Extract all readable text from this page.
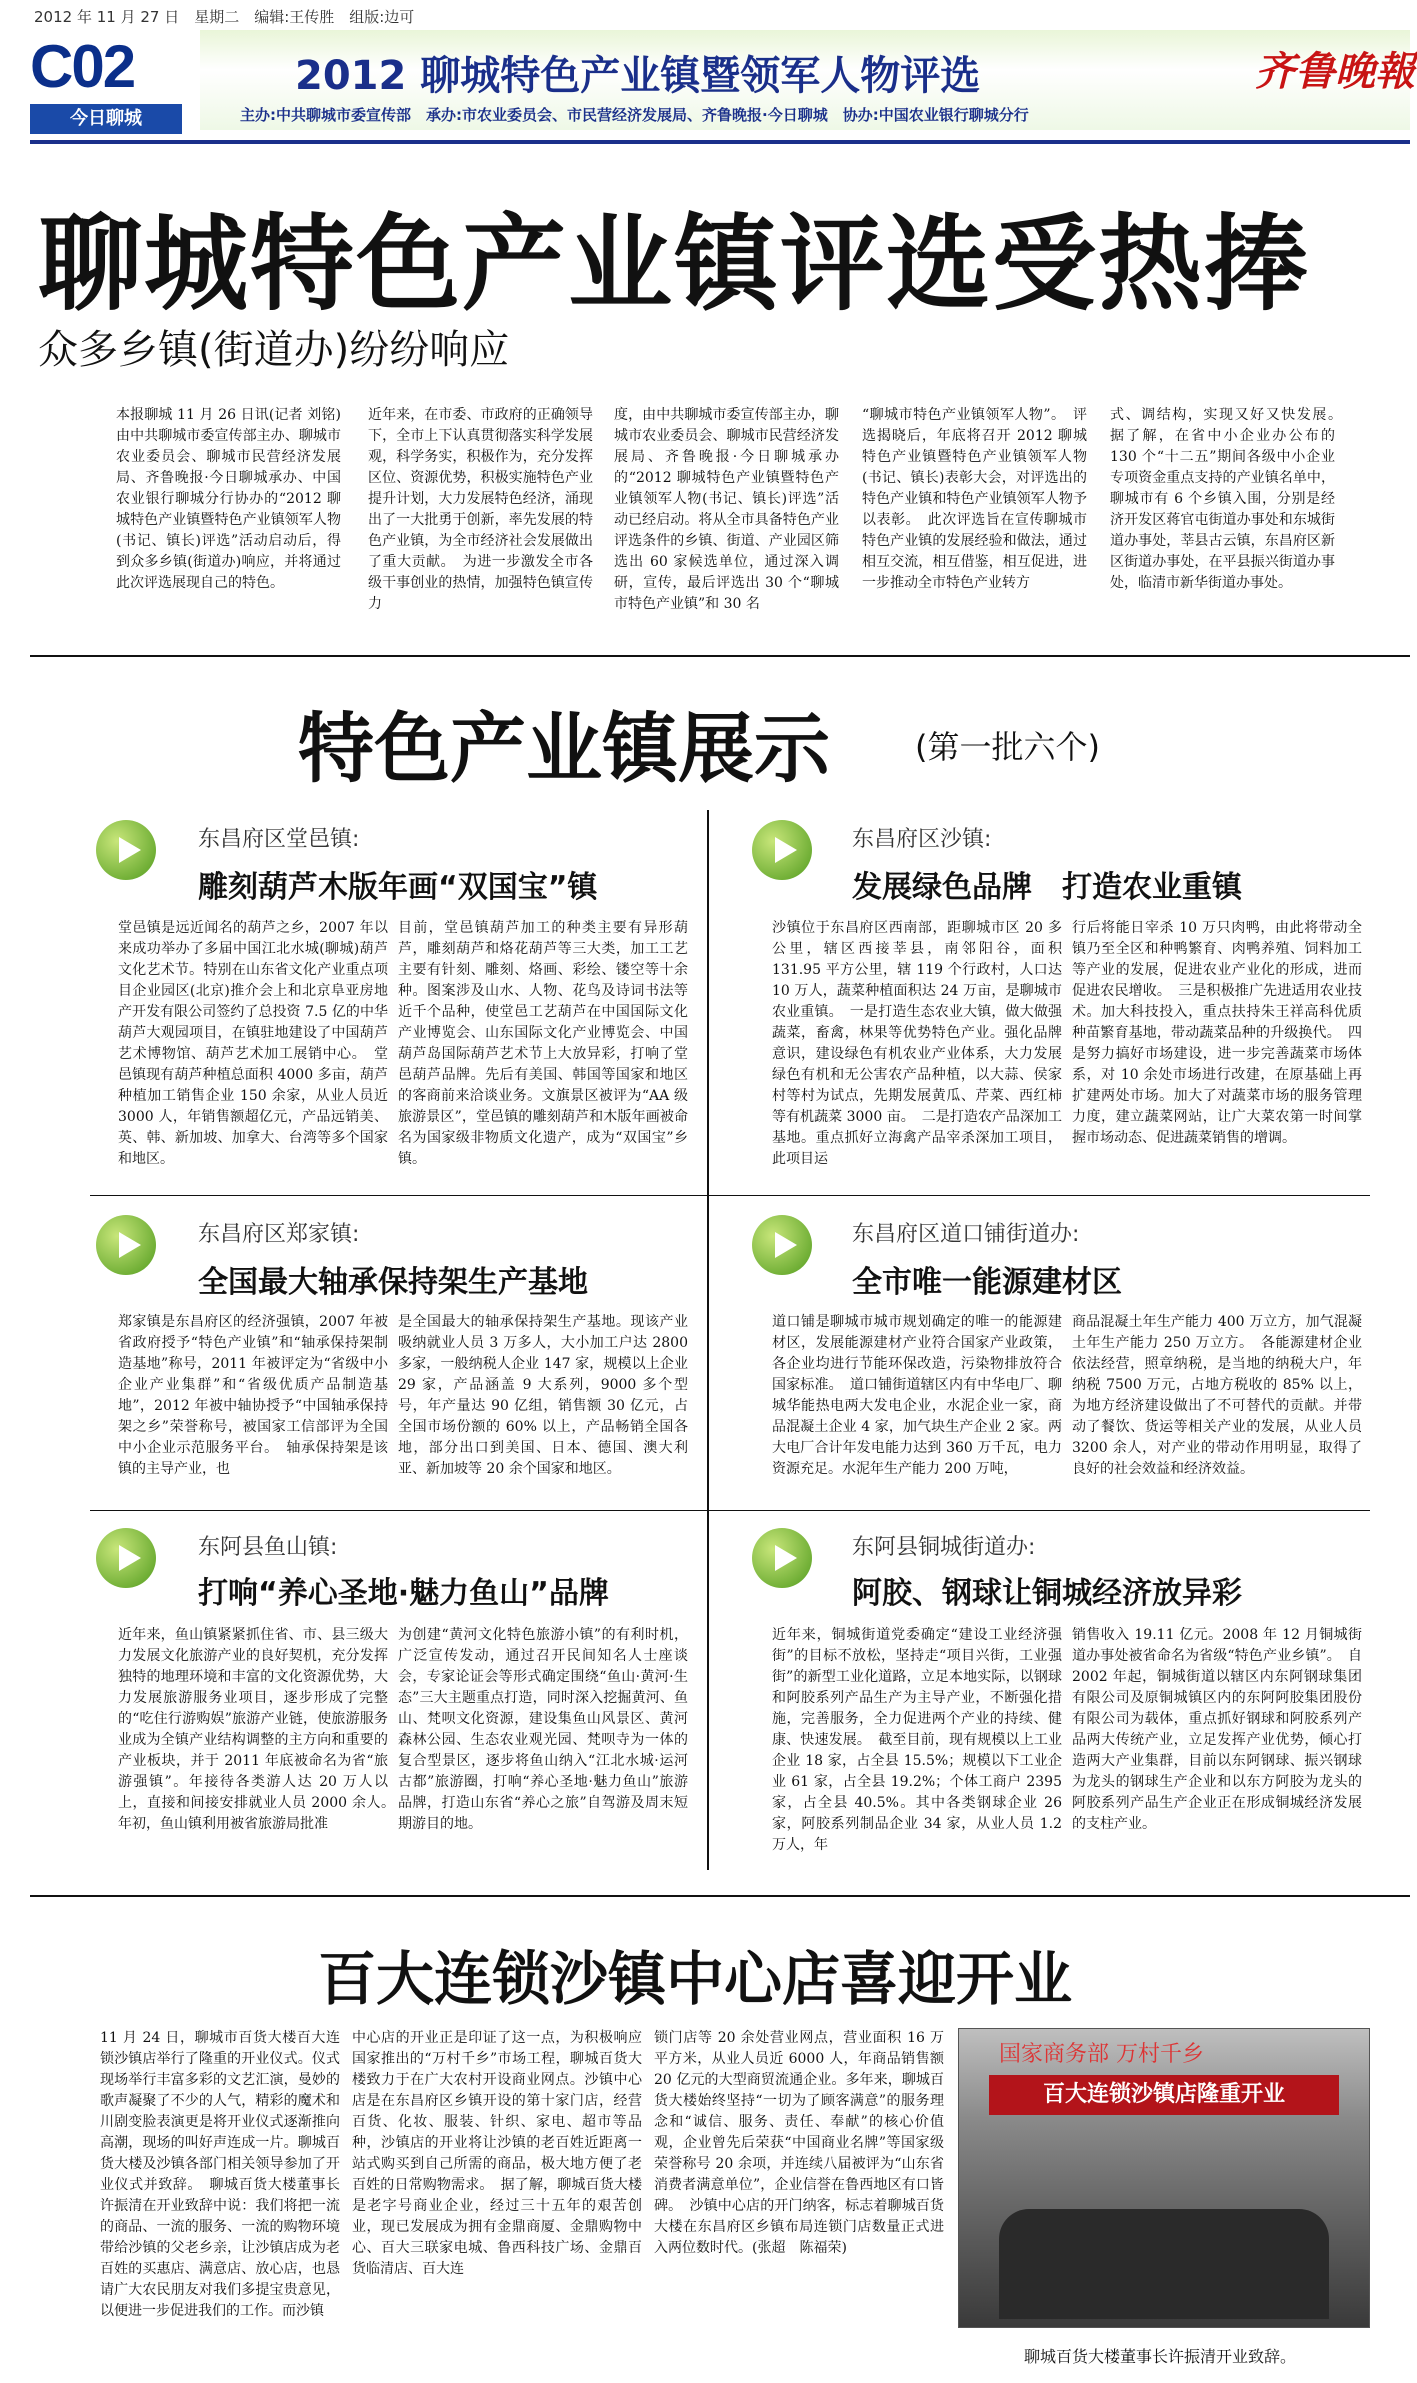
2012 年 11 月 27 日　星期二　编辑:王传胜　组版:边可
C02
今日聊城
2012 聊城特色产业镇暨领军人物评选	齐鲁晚報
主办:中共聊城市委宣传部　承办:市农业委员会、市民营经济发展局、齐鲁晚报·今日聊城　协办:中国农业银行聊城分行
聊城特色产业镇评选受热捧
众多乡镇(街道办)纷纷响应
本报聊城 11 月 26 日讯(记者 刘铭)　由中共聊城市委宣传部主办、聊城市农业委员会、聊城市民营经济发展局、齐鲁晚报·今日聊城承办、中国农业银行聊城分行协办的“2012 聊城特色产业镇暨特色产业镇领军人物(书记、镇长)评选”活动启动后，得到众多乡镇(街道办)响应，并将通过此次评选展现自己的特色。
近年来，在市委、市政府的正确领导下，全市上下认真贯彻落实科学发展观，科学务实，积极作为，充分发挥区位、资源优势，积极实施特色产业提升计划，大力发展特色经济，涌现出了一大批勇于创新，率先发展的特色产业镇，为全市经济社会发展做出了重大贡献。　为进一步激发全市各级干事创业的热情，加强特色镇宣传力
度，由中共聊城市委宣传部主办，聊城市农业委员会、聊城市民营经济发展局、齐鲁晚报·今日聊城承办的“2012 聊城特色产业镇暨特色产业镇领军人物(书记、镇长)评选”活动已经启动。将从全市具备特色产业评选条件的乡镇、街道、产业园区筛选出 60 家候选单位，通过深入调研，宣传，最后评选出 30 个“聊城市特色产业镇”和 30 名
“聊城市特色产业镇领军人物”。　评选揭晓后，年底将召开 2012 聊城特色产业镇暨特色产业镇领军人物(书记、镇长)表彰大会，对评选出的特色产业镇和特色产业镇领军人物予以表彰。　此次评选旨在宣传聊城市特色产业镇的发展经验和做法，通过相互交流，相互借鉴，相互促进，进一步推动全市特色产业转方
式、调结构，实现又好又快发展。　据了解，在省中小企业办公布的 130 个“十二五”期间各级中小企业专项资金重点支持的产业镇名单中，聊城市有 6 个乡镇入围，分别是经济开发区蒋官屯街道办事处和东城街道办事处，莘县古云镇，东昌府区新区街道办事处，在平县振兴街道办事处，临清市新华街道办事处。
特色产业镇展示	(第一批六个)
东昌府区堂邑镇:
雕刻葫芦木版年画“双国宝”镇
堂邑镇是远近闻名的葫芦之乡，2007 年以来成功举办了多届中国江北水城(聊城)葫芦文化艺术节。特别在山东省文化产业重点项目企业园区(北京)推介会上和北京阜亚房地产开发有限公司签约了总投资 7.5 亿的中华葫芦大观园项目，在镇驻地建设了中国葫芦艺术博物馆、葫芦艺术加工展销中心。　堂邑镇现有葫芦种植总面积 4000 多亩，葫芦种植加工销售企业 150 余家，从业人员近 3000 人，年销售额超亿元，产品远销美、英、韩、新加坡、加拿大、台湾等多个国家和地区。
目前，堂邑镇葫芦加工的种类主要有异形葫芦，雕刻葫芦和烙花葫芦等三大类，加工工艺主要有针刻、雕刻、烙画、彩绘、镂空等十余种。图案涉及山水、人物、花鸟及诗词书法等近千个品种，使堂邑工艺葫芦在中国国际文化产业博览会、山东国际文化产业博览会、中国葫芦岛国际葫芦艺术节上大放异彩，打响了堂邑葫芦品牌。先后有美国、韩国等国家和地区的客商前来洽谈业务。文旗景区被评为“AA 级旅游景区”，堂邑镇的雕刻葫芦和木版年画被命名为国家级非物质文化遗产，成为“双国宝”乡镇。
东昌府区沙镇:
发展绿色品牌　打造农业重镇
沙镇位于东昌府区西南部，距聊城市区 20 多公里，辖区西接莘县，南邻阳谷，面积 131.95 平方公里，辖 119 个行政村，人口达 10 万人，蔬菜种植面积达 24 万亩，是聊城市农业重镇。　一是打造生态农业大镇，做大做强蔬菜，畜禽，林果等优势特色产业。强化品牌意识，建设绿色有机农业产业体系，大力发展绿色有机和无公害农产品种植，以大蒜、侯家村等村为试点，先期发展黄瓜、芹菜、西红柿等有机蔬菜 3000 亩。　二是打造农产品深加工基地。重点抓好立海禽产品宰杀深加工项目，此项目运
行后将能日宰杀 10 万只肉鸭，由此将带动全镇乃至全区和种鸭繁育、肉鸭养殖、饲料加工等产业的发展，促进农业产业化的形成，进而促进农民增收。　三是积极推广先进适用农业技术。加大科技投入，重点扶持朱王祥高科优质种苗繁育基地，带动蔬菜品种的升级换代。　四是努力搞好市场建设，进一步完善蔬菜市场体系，对 10 余处市场进行改建，在原基础上再扩建两处市场。加大了对蔬菜市场的服务管理力度，建立蔬菜网站，让广大菜农第一时间掌握市场动态、促进蔬菜销售的增调。
东昌府区郑家镇:
全国最大轴承保持架生产基地
郑家镇是东昌府区的经济强镇，2007 年被省政府授予“特色产业镇”和“轴承保持架制造基地”称号，2011 年被评定为“省级中小企业产业集群”和“省级优质产品制造基地”，2012 年被中轴协授予“中国轴承保持架之乡”荣誉称号，被国家工信部评为全国中小企业示范服务平台。　轴承保持架是该镇的主导产业，也
是全国最大的轴承保持架生产基地。现该产业吸纳就业人员 3 万多人，大小加工户达 2800 多家，一般纳税人企业 147 家，规模以上企业 29 家，产品涵盖 9 大系列，9000 多个型号，年产量达 90 亿组，销售额 30 亿元，占全国市场份额的 60% 以上，产品畅销全国各地，部分出口到美国、日本、德国、澳大利亚、新加坡等 20 余个国家和地区。
东昌府区道口铺街道办:
全市唯一能源建材区
道口铺是聊城市城市规划确定的唯一的能源建材区，发展能源建材产业符合国家产业政策，各企业均进行节能环保改造，污染物排放符合国家标准。　道口铺街道辖区内有中华电厂、聊城华能热电两大发电企业，水泥企业一家，商品混凝土企业 4 家，加气块生产企业 2 家。两大电厂合计年发电能力达到 360 万千瓦，电力资源充足。水泥年生产能力 200 万吨，
商品混凝土年生产能力 400 万立方，加气混凝土年生产能力 250 万立方。　各能源建材企业依法经营，照章纳税，是当地的纳税大户，年纳税 7500 万元，占地方税收的 85% 以上，为地方经济建设做出了不可替代的贡献。并带动了餐饮、货运等相关产业的发展，从业人员 3200 余人，对产业的带动作用明显，取得了良好的社会效益和经济效益。
东阿县鱼山镇:
打响“养心圣地·魅力鱼山”品牌
近年来，鱼山镇紧紧抓住省、市、县三级大力发展文化旅游产业的良好契机，充分发挥独特的地理环境和丰富的文化资源优势，大力发展旅游服务业项目，逐步形成了完整的“吃住行游购娱”旅游产业链，使旅游服务业成为全镇产业结构调整的主方向和重要的产业板块，并于 2011 年底被命名为省“旅游强镇”。年接待各类游人达 20 万人以上，直接和间接安排就业人员 2000 余人。　年初，鱼山镇利用被省旅游局批准
为创建“黄河文化特色旅游小镇”的有利时机，广泛宣传发动，通过召开民间知名人士座谈会，专家论证会等形式确定围绕“鱼山·黄河·生态”三大主题重点打造，同时深入挖掘黄河、鱼山、梵呗文化资源，建设集鱼山风景区、黄河森林公园、生态农业观光园、梵呗寺为一体的复合型景区，逐步将鱼山纳入“江北水城·运河古都”旅游圈，打响“养心圣地·魅力鱼山”旅游品牌，打造山东省“养心之旅”自驾游及周末短期游目的地。
东阿县铜城街道办:
阿胶、钢球让铜城经济放异彩
近年来，铜城街道党委确定“建设工业经济强街”的目标不放松，坚持走“项目兴街，工业强街”的新型工业化道路，立足本地实际，以钢球和阿胶系列产品生产为主导产业，不断强化措施，完善服务，全力促进两个产业的持续、健康、快速发展。　截至目前，现有规模以上工业企业 18 家，占全县 15.5%；规模以下工业企业 61 家，占全县 19.2%；个体工商户 2395 家，占全县 40.5%。其中各类钢球企业 26 家，阿胶系列制品企业 34 家，从业人员 1.2 万人，年
销售收入 19.11 亿元。2008 年 12 月铜城街道办事处被省命名为省级“特色产业乡镇”。　自 2002 年起，铜城街道以辖区内东阿钢球集团有限公司及原铜城镇区内的东阿阿胶集团股份有限公司为载体，重点抓好钢球和阿胶系列产品两大传统产业，立足发挥产业优势，倾心打造两大产业集群，目前以东阿钢球、振兴钢球为龙头的钢球生产企业和以东方阿胶为龙头的阿胶系列产品生产企业正在形成铜城经济发展的支柱产业。
百大连锁沙镇中心店喜迎开业
11 月 24 日，聊城市百货大楼百大连锁沙镇店举行了隆重的开业仪式。仪式现场举行丰富多彩的文艺汇演，曼妙的歌声凝聚了不少的人气，精彩的魔术和川剧变脸表演更是将开业仪式逐渐推向高潮，现场的叫好声连成一片。聊城百货大楼及沙镇各部门相关领导参加了开业仪式并致辞。　聊城百货大楼董事长许振清在开业致辞中说：我们将把一流的商品、一流的服务、一流的购物环境带给沙镇的父老乡亲，让沙镇店成为老百姓的买惠店、满意店、放心店，也恳请广大农民朋友对我们多提宝贵意见，以便进一步促进我们的工作。而沙镇
中心店的开业正是印证了这一点，为积极响应国家推出的“万村千乡”市场工程，聊城百货大楼致力于在广大农村开设商业网点。沙镇中心店是在东昌府区乡镇开设的第十家门店，经营百货、化妆、服装、针织、家电、超市等品种，沙镇店的开业将让沙镇的老百姓近距离一站式购买到自己所需的商品，极大地方便了老百姓的日常购物需求。　据了解，聊城百货大楼是老字号商业企业，经过三十五年的艰苦创业，现已发展成为拥有金鼎商厦、金鼎购物中心、百大三联家电城、鲁西科技广场、金鼎百货临清店、百大连
锁门店等 20 余处营业网点，营业面积 16 万平方米，从业人员近 6000 人，年商品销售额 20 亿元的大型商贸流通企业。多年来，聊城百货大楼始终坚持“一切为了顾客满意”的服务理念和“诚信、服务、责任、奉献”的核心价值观，企业曾先后荣获“中国商业名牌”等国家级荣誉称号 20 余项，并连续八届被评为“山东省消费者满意单位”，企业信誉在鲁西地区有口皆碑。　沙镇中心店的开门纳客，标志着聊城百货大楼在东昌府区乡镇布局连锁门店数量正式进入两位数时代。(张超　陈福荣)
国家商务部 万村千乡
百大连锁沙镇店隆重开业
聊城百货大楼董事长许振清开业致辞。
